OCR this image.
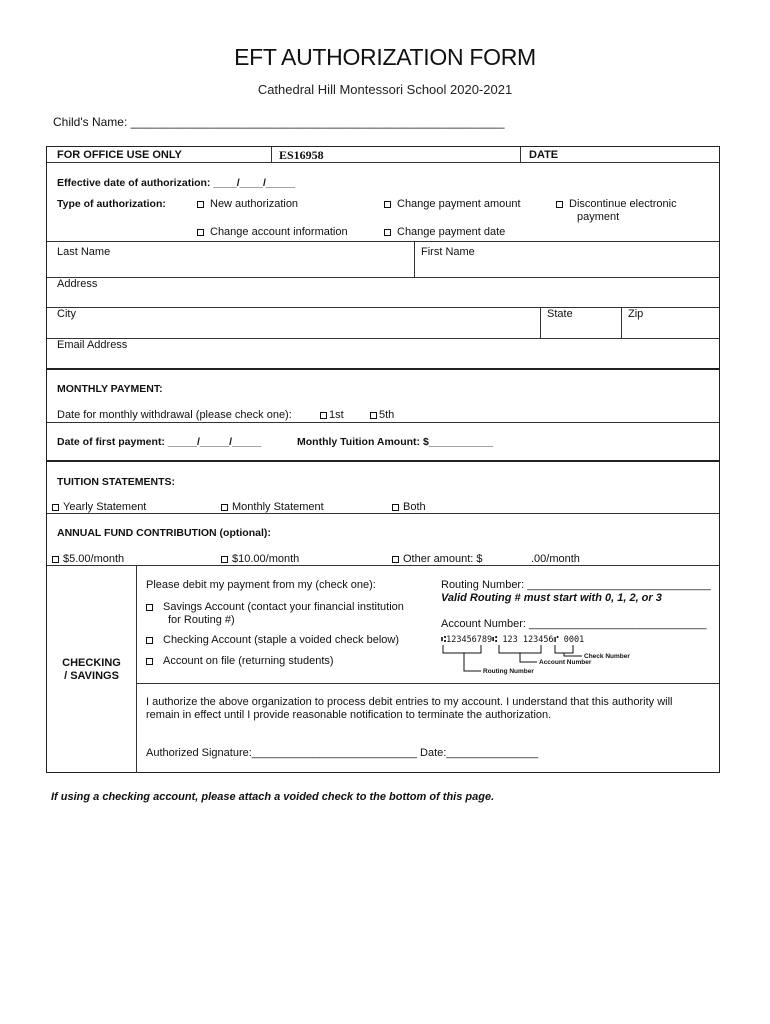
EFT AUTHORIZATION FORM
Cathedral Hill Montessori School 2020-2021
Child's Name: ________________________________________________________
FOR OFFICE USE ONLY	ES16958	DATE
Effective date of authorization: ____/____/_____
Type of authorization:	New authorization	Change payment amount	Discontinue electronic
payment
Change account information	Change payment date
Last Name	First Name
Address
City	State	Zip
Email Address
MONTHLY PAYMENT:
Date for monthly withdrawal (please check one):	1st	5th
Date of first payment: _____/_____/_____	Monthly Tuition Amount: $___________
TUITION STATEMENTS:
Yearly Statement	Monthly Statement	Both
ANNUAL FUND CONTRIBUTION (optional):
$5.00/month	$10.00/month	Other amount: $	.00/month
CHECKING
/ SAVINGS
Please debit my payment from my (check one):
Savings Account (contact your financial institution
for Routing #)
Checking Account (staple a voided check below)
Account on file (returning students)
Routing Number: ______________________________
Valid Routing # must start with 0, 1, 2, or 3
Account Number: _____________________________
⑆123456789⑆ 123 123456⑈ 0001
Check Number
Account Number
Routing Number
I authorize the above organization to process debit entries to my account. I understand that this authority will
remain in effect until I provide reasonable notification to terminate the authorization.
Authorized Signature:___________________________ Date:_______________
If using a checking account, please attach a voided check to the bottom of this page.
